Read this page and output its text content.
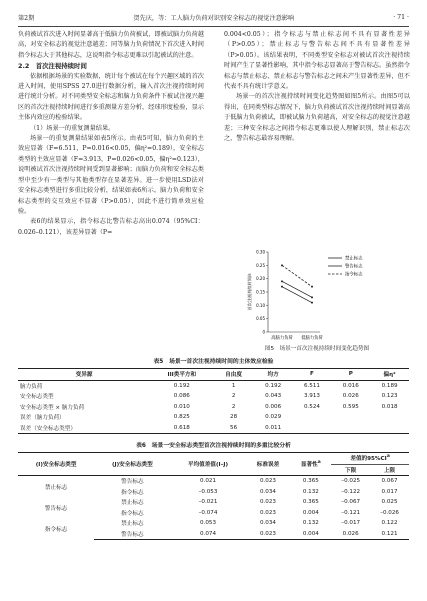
第2期	贺先庆，等：工人脑力负荷对识别安全标志的视觉注意影响	· 71 ·

负荷被试首次进入时间显著高于低脑力负荷被试，即被试脑力负荷越高，对安全标志的视觉注意越差；同等脑力负荷情况下首次进入时间指令标志大于其他标志，这说明指令标志更难以引起被试的注意。

2.2　首次注视持续时间

依据根据场景的实验数据，统计每个被试在每个兴趣区域的首次进入时间，使用SPSS 27.0进行数据分析，输入首次注视持续时间进行统计分析。对不同类型安全标志和脑力负荷条件下被试注视兴趣区的首次注视持续时间进行多重测量方差分析，经球形度检验，显示主体内效应的检验结果。

（1）场景一的重复测量结果。

场景一的重复测量结果如表5所示。由表5可知，脑力负荷的主效应显著（F=6.511，P=0.016<0.05，偏η²=0.189），安全标志类型的主效应显著（F=3.913，P=0.026<0.05，偏η²=0.123），说明被试首次注视持续时间受到显著影响；而脑力负荷和安全标志类型中至少有一类型与其他类型存在显著差异。进一步使用LSD法对安全标志类型进行多重比较分析，结果如表6所示。脑力负荷和安全标志类型的交互效应不显著（P>0.05），因此不进行简单效应检验。

表6的结果显示，指令标志比警告标志高出0.074（95%CI：0.026–0.121），该差异显著（P=

0.004<0.05）；指令标志与禁止标志间不具有显著性差异（P>0.05）；禁止标志与警告标志间不具有显著性差异（P>0.05）。该结果表明，不同类型安全标志对被试首次注视持续时间产生了显著性影响，其中指令标志显著高于警告标志。虽然指令标志与禁止标志、禁止标志与警告标志之间未产生显著性差异，但不代表不具有统计学意义。

场景一的首次注视持续时间变化趋势图如图5所示。由图5可以得出，在同类型标志情况下，脑力负荷被试首次注视持续时间显著高于低脑力负荷被试，即被试脑力负荷越高，对安全标志的视觉注意越差；三种安全标志之间指令标志更难以使人理解识别，禁止标志次之，警告标志最容易理解。

0
0.05
0.10
0.15
0.20
0.25
0.30
高脑力负荷 低脑力负荷
首次注视持续时间/s
禁止标志
警告标志
指令标志
图5　场景一首次注视持续时间变化趋势图
表5　场景一首次注视持续时间的主体效应检验
变异源	III类平方和	自由度	均方	F	P	偏η²
脑力负荷	0.192	1	0.192	6.511	0.016	0.189
安全标志类型	0.086	2	0.043	3.913	0.026	0.123
安全标志类型 × 脑力负荷	0.010	2	0.006	0.524	0.595	0.018
误差（脑力负荷）	0.825	28	0.029			
误差（安全标志类型）	0.618	56	0.011			
表6　场景一安全标志类型首次注视持续时间的多重比较分析
(I)安全标志类型	(J)安全标志类型	平均值差值(I–J)	标准误差	显著性$^a$	差值的$95\%CI^a$
					下限	上限
禁止标志	警告标志	0.021	0.023	0.365	–0.025	0.067
	指令标志	–0.053	0.034	0.132	–0.122	0.017
警告标志	禁止标志	–0.021	0.023	0.365	–0.067	0.025
	指令标志	–0.074	0.023	0.004	–0.121	–0.026
指令标志	禁止标志	0.053	0.034	0.132	–0.017	0.122
	警告标志	0.074	0.023	0.004	0.026	0.121
